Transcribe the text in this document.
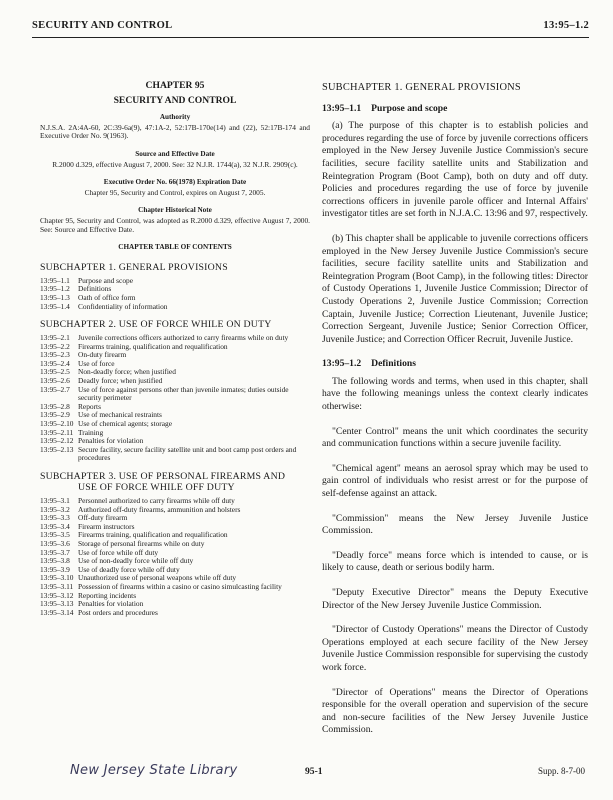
SECURITY AND CONTROL	13:95–1.2
CHAPTER 95
SECURITY AND CONTROL
Authority
N.J.S.A. 2A:4A-60, 2C:39-6a(9), 47:1A-2, 52:17B-170e(14) and (22), 52:17B-174 and Executive Order No. 9(1963).
Source and Effective Date
R.2000 d.329, effective August 7, 2000. See: 32 N.J.R. 1744(a), 32 N.J.R. 2909(c).
Executive Order No. 66(1978) Expiration Date
Chapter 95, Security and Control, expires on August 7, 2005.
Chapter Historical Note
Chapter 95, Security and Control, was adopted as R.2000 d.329, effective August 7, 2000. See: Source and Effective Date.
CHAPTER TABLE OF CONTENTS
SUBCHAPTER 1. GENERAL PROVISIONS
13:95–1.1	Purpose and scope
13:95–1.2	Definitions
13:95–1.3	Oath of office form
13:95–1.4	Confidentiality of information
SUBCHAPTER 2. USE OF FORCE WHILE ON DUTY
13:95–2.1	Juvenile corrections officers authorized to carry firearms while on duty
13:95–2.2	Firearms training, qualification and requalification
13:95–2.3	On-duty firearm
13:95–2.4	Use of force
13:95–2.5	Non-deadly force; when justified
13:95–2.6	Deadly force; when justified
13:95–2.7	Use of force against persons other than juvenile inmates; duties outside security perimeter
13:95–2.8	Reports
13:95–2.9	Use of mechanical restraints
13:95–2.10 Use of chemical agents; storage
13:95–2.11 Training
13:95–2.12 Penalties for violation
13:95–2.13 Secure facility, secure facility satellite unit and boot camp post orders and procedures
SUBCHAPTER 3. USE OF PERSONAL FIREARMS AND
USE OF FORCE WHILE OFF DUTY
13:95–3.1	Personnel authorized to carry firearms while off duty
13:95–3.2	Authorized off-duty firearms, ammunition and holsters
13:95–3.3	Off-duty firearm
13:95–3.4	Firearm instructors
13:95–3.5	Firearms training, qualification and requalification
13:95–3.6	Storage of personal firearms while on duty
13:95–3.7	Use of force while off duty
13:95–3.8	Use of non-deadly force while off duty
13:95–3.9	Use of deadly force while off duty
13:95–3.10 Unauthorized use of personal weapons while off duty
13:95–3.11 Possession of firearms within a casino or casino simulcasting facility
13:95–3.12 Reporting incidents
13:95–3.13 Penalties for violation
13:95–3.14 Post orders and procedures
SUBCHAPTER 1. GENERAL PROVISIONS
13:95–1.1 Purpose and scope

(a) The purpose of this chapter is to establish policies and procedures regarding the use of force by juvenile corrections officers employed in the New Jersey Juvenile Justice Commission's secure facilities, secure facility satellite units and Stabilization and Reintegration Program (Boot Camp), both on duty and off duty. Policies and procedures regarding the use of force by juvenile corrections officers in juvenile parole officer and Internal Affairs' investigator titles are set forth in N.J.A.C. 13:96 and 97, respectively.

(b) This chapter shall be applicable to juvenile corrections officers employed in the New Jersey Juvenile Justice Commission's secure facilities, secure facility satellite units and Stabilization and Reintegration Program (Boot Camp), in the following titles: Director of Custody Operations 1, Juvenile Justice Commission; Director of Custody Operations 2, Juvenile Justice Commission; Correction Captain, Juvenile Justice; Correction Lieutenant, Juvenile Justice; Correction Sergeant, Juvenile Justice; Senior Correction Officer, Juvenile Justice; and Correction Officer Recruit, Juvenile Justice.

13:95–1.2 Definitions

The following words and terms, when used in this chapter, shall have the following meanings unless the context clearly indicates otherwise:

"Center Control" means the unit which coordinates the security and communication functions within a secure juvenile facility.

"Chemical agent" means an aerosol spray which may be used to gain control of individuals who resist arrest or for the purpose of self-defense against an attack.

"Commission" means the New Jersey Juvenile Justice Commission.

"Deadly force" means force which is intended to cause, or is likely to cause, death or serious bodily harm.

"Deputy Executive Director" means the Deputy Executive Director of the New Jersey Juvenile Justice Commission.

"Director of Custody Operations" means the Director of Custody Operations employed at each secure facility of the New Jersey Juvenile Justice Commission responsible for supervising the custody work force.

"Director of Operations" means the Director of Operations responsible for the overall operation and supervision of the secure and non-secure facilities of the New Jersey Juvenile Justice Commission.

New Jersey State Library	95-1	Supp. 8-7-00
